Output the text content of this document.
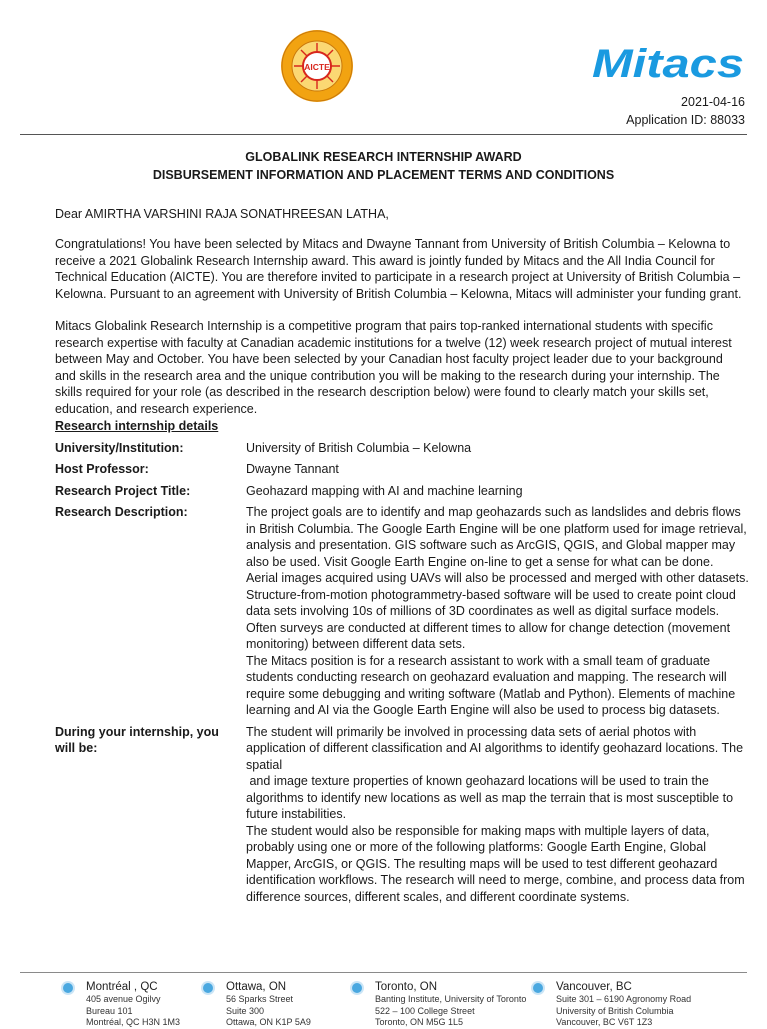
AICTE	Mitacs
2021-04-16
Application ID: 88033
GLOBALINK RESEARCH INTERNSHIP AWARD
DISBURSEMENT INFORMATION AND PLACEMENT TERMS AND CONDITIONS
Dear AMIRTHA VARSHINI RAJA SONATHREESAN LATHA,
Congratulations! You have been selected by Mitacs and Dwayne Tannant from University of British Columbia – Kelowna to receive a 2021 Globalink Research Internship award. This award is jointly funded by Mitacs and the All India Council for Technical Education (AICTE). You are therefore invited to participate in a research project at University of British Columbia – Kelowna. Pursuant to an agreement with University of British Columbia – Kelowna, Mitacs will administer your funding grant.
Mitacs Globalink Research Internship is a competitive program that pairs top-ranked international students with specific research expertise with faculty at Canadian academic institutions for a twelve (12) week research project of mutual interest between May and October. You have been selected by your Canadian host faculty project leader due to your background and skills in the research area and the unique contribution you will be making to the research during your internship. The skills required for your role (as described in the research description below) were found to clearly match your skills set, education, and research experience.
Research internship details
University/Institution:	University of British Columbia – Kelowna
Host Professor:	Dwayne Tannant
Research Project Title:	Geohazard mapping with AI and machine learning
Research Description:	The project goals are to identify and map geohazards such as landslides and debris flows in British Columbia. The Google Earth Engine will be one platform used for image retrieval, analysis and presentation. GIS software such as ArcGIS, QGIS, and Global mapper may also be used. Visit Google Earth Engine on-line to get a sense for what can be done.

Aerial images acquired using UAVs will also be processed and merged with other datasets. Structure-from-motion photogrammetry-based software will be used to create point cloud data sets involving 10s of millions of 3D coordinates as well as digital surface models. Often surveys are conducted at different times to allow for change detection (movement monitoring) between different data sets.

The Mitacs position is for a research assistant to work with a small team of graduate students conducting research on geohazard evaluation and mapping. The research will require some debugging and writing software (Matlab and Python). Elements of machine learning and AI via the Google Earth Engine will also be used to process big datasets.

During your internship, you will be:

The student will primarily be involved in processing data sets of aerial photos with application of different classification and AI algorithms to identify geohazard locations. The spatial

and image texture properties of known geohazard locations will be used to train the algorithms to identify new locations as well as map the terrain that is most susceptible to future instabilities.

The student would also be responsible for making maps with multiple layers of data, probably using one or more of the following platforms: Google Earth Engine, Global Mapper, ArcGIS, or QGIS. The resulting maps will be used to test different geohazard identification workflows. The research will need to merge, combine, and process data from difference sources, different scales, and different coordinate systems.

Montréal , QC
405 avenue Ogilvy
Bureau 101
Montréal, QC H3N 1M3
Ottawa, ON
56 Sparks Street
Suite 300
Ottawa, ON K1P 5A9
Toronto, ON
Banting Institute, University of Toronto
522 – 100 College Street
Toronto, ON M5G 1L5
Vancouver, BC
Suite 301 – 6190 Agronomy Road
University of British Columbia
Vancouver, BC V6T 1Z3
